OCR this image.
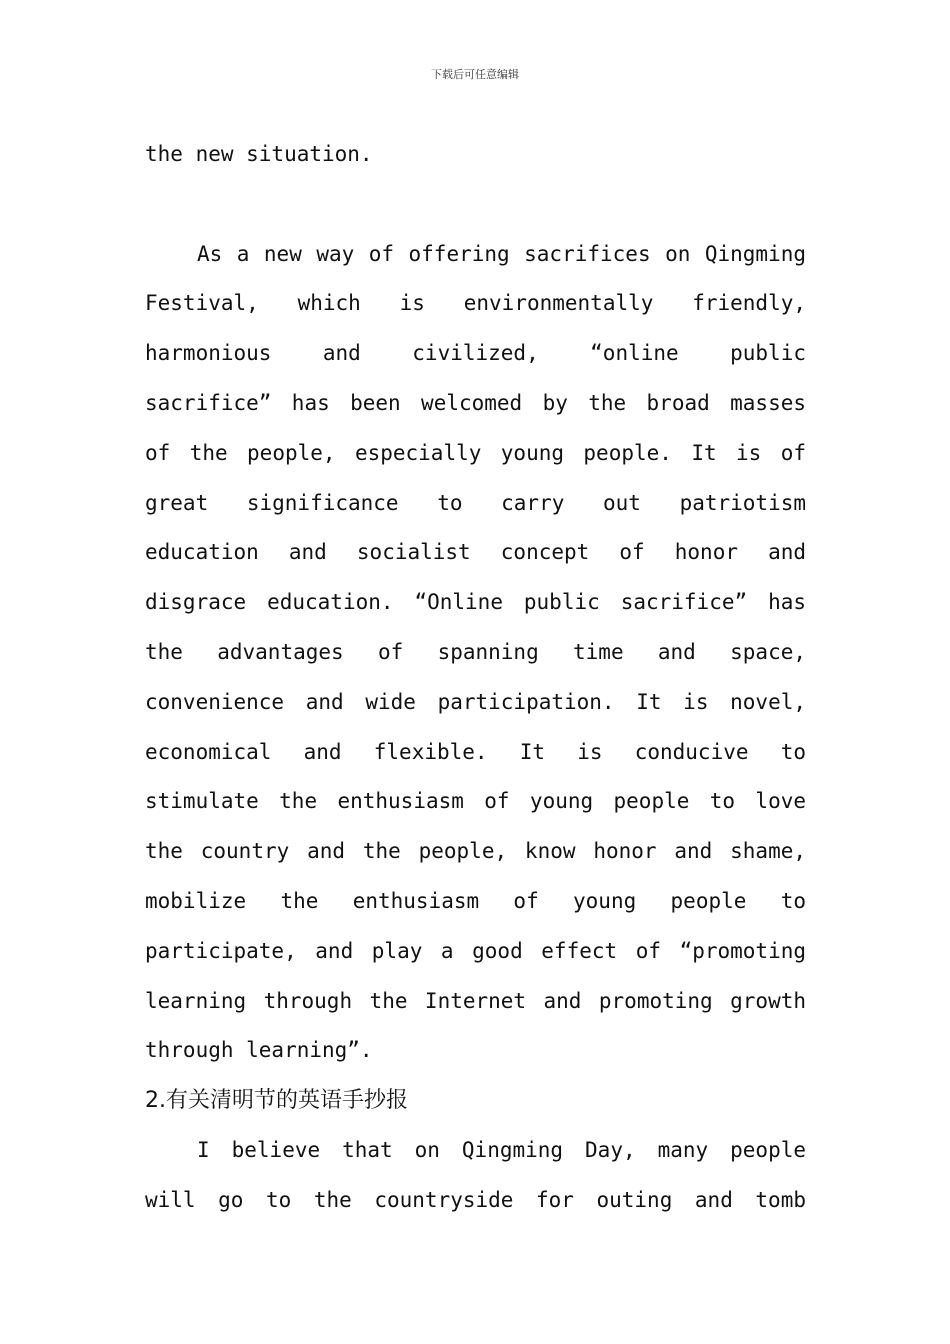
下载后可任意编辑
the new situation.
As a new way of offering sacrifices on Qingming
Festival, which is environmentally friendly,
harmonious and civilized, “online public
sacrifice” has been welcomed by the broad masses
of the people, especially young people. It is of
great significance to carry out patriotism
education and socialist concept of honor and
disgrace education. “Online public sacrifice” has
the advantages of spanning time and space,
convenience and wide participation. It is novel,
economical and flexible. It is conducive to
stimulate the enthusiasm of young people to love
the country and the people, know honor and shame,
mobilize the enthusiasm of young people to
participate, and play a good effect of “promoting
learning through the Internet and promoting growth
through learning”.
2.有关清明节的英语手抄报
I believe that on Qingming Day, many people
will go to the countryside for outing and tomb
